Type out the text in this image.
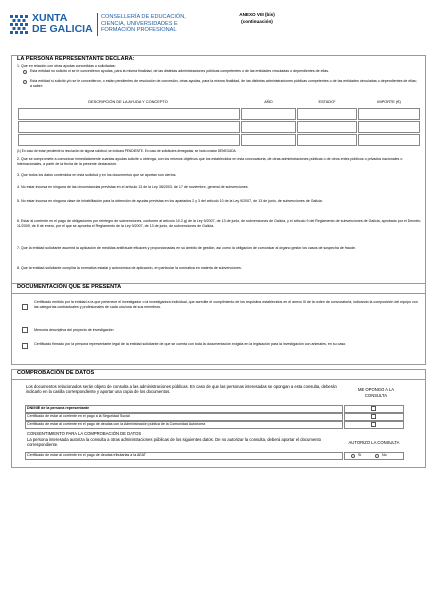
XUNTA
DE GALICIA
CONSELLERÍA DE EDUCACIÓN,
CIENCIA, UNIVERSIDADES E
FORMACIÓN PROFESIONAL
ANEXO VIII (bis)
(continuación)
LA PERSONA REPRESENTANTE DECLARA:
1. Que en relación con otras ayudas concedidas o solicitadas:
Esta entidad no solicitó ni se le concedieron ayudas, para la misma finalidad, de las distintas administraciones públicas competentes o de las entidades vinculadas o dependientes de ellas.
Esta entidad sí solicitó y/o se le concedieron, o están pendientes de resolución de concesión, otras ayudas, para la misma finalidad, de las distintas administraciones públicas competentes o de las entidades vinculadas o dependientes de ellas; a saber:
DESCRIPCIÓN DE LA AYUDA Y CONCEPTO	AÑO	ESTADO¹	IMPORTE (€)
(1) En caso de estar pendiente la resolución de alguna solicitud, se indicará PENDIENTE. En caso de solicitudes denegadas, se hará constar DENEGADA.
2. Que se compromete a comunicar inmediatamente cuantas ayudas solicite u obtenga, con los mismos objetivos que los establecidos en esta convocatoria, de otras administraciones públicas o de otros entes públicos o privados nacionales o internacionales, a partir de la fecha de la presente declaración.
3. Que todos los datos contenidos en esta solicitud y en los documentos que se aportan son ciertos.
4. No estar incursa en ninguna de las circunstancias previstas en el artículo 13 de la Ley 38/2003, de 17 de noviembre, general de subvenciones.
5. No estar incursa en ninguna clase de inhabilitación para la obtención de ayudas previstas en los apartados 2 y 3 del artículo 10 de la Ley 9/2007, de 13 de junio, de subvenciones de Galicia.
6. Estar al corriente en el pago de obligaciones por reintegro de subvenciones, conforme al artículo 10.2.g) de la Ley 9/2007, de 13 de junio, de subvenciones de Galicia, y el artículo 9 del Reglamento de subvenciones de Galicia, aprobado por el Decreto 11/2009, de 8 de enero, por el que se aprueba el Reglamento de la Ley 9/2007, de 13 de junio, de subvenciones de Galicia.
7. Que la entidad solicitante asumirá la aplicación de medidas antifraude eficaces y proporcionadas en su ámbito de gestión, así como la obligación de comunicar al órgano gestor los casos de sospecha de fraude.
8. Que la entidad solicitante cumplirá la normativa estatal y autonómica de aplicación, en particular la normativa en materia de subvenciones.
DOCUMENTACIÓN QUE SE PRESENTA
Certificado emitido por la entidad a la que pertenece el investigador o la investigadora individual, que acredite el cumplimiento de los requisitos establecidos en el anexo III de la orden de convocatoria, indicando la composición del equipo con las categorías contractuales y profesionales de cada uno/una de sus miembros.
Memoria descriptiva del proyecto de investigación
Certificado firmado por la persona representante legal de la entidad solicitante de que se cuenta con toda la documentación exigida en la legislación para la investigación con animales, en su caso.
COMPROBACIÓN DE DATOS
Los documentos relacionados serán objeto de consulta a las administraciones públicas. En caso de que las personas interesadas se opongan a esta consulta, deberán indicarlo en la casilla correspondiente y aportar una copia de los documentos.	ME OPONGO A LA CONSULTA
DNI/NIE de la persona representante
Certificado de estar al corriente en el pago a la Seguridad Social
Certificado de estar al corriente en el pago de deudas con la Administración pública de la Comunidad Autónoma
CONSENTIMIENTO PARA LA COMPROBACIÓN DE DATOS
La persona interesada autoriza la consulta a otras administraciones públicas de los siguientes datos. De no autorizar la consulta, deberá aportar el documento correspondiente.	AUTORIZO LA CONSULTA
Certificado de estar al corriente en el pago de deudas tributarias a la AEAT	Sí	No
